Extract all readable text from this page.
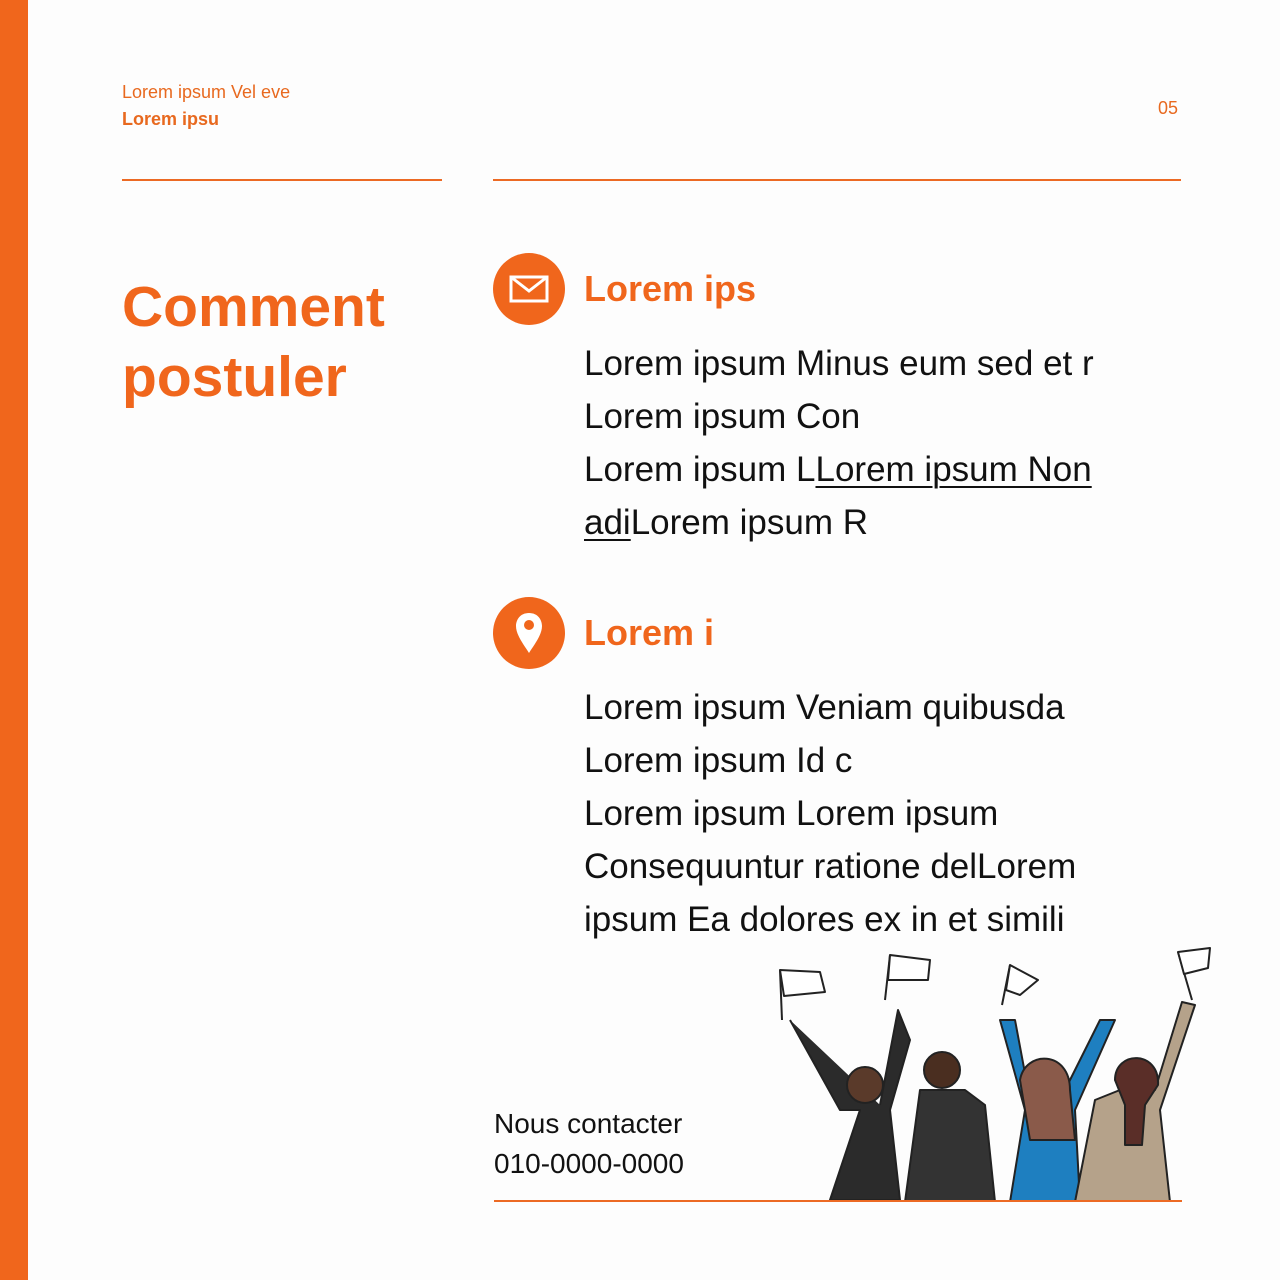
Lorem ipsum Vel eve
Lorem ipsu
05
Comment postuler
Lorem ips
Lorem ipsum Minus eum sed et r
Lorem ipsum Con
Lorem ipsum LLorem ipsum Non
adiLorem ipsum R
Lorem i
Lorem ipsum Veniam quibusda
Lorem ipsum Id c
Lorem ipsum Lorem ipsum
Consequuntur ratione delLorem
ipsum Ea dolores ex in et simili
Nous contacter
010-0000-0000
